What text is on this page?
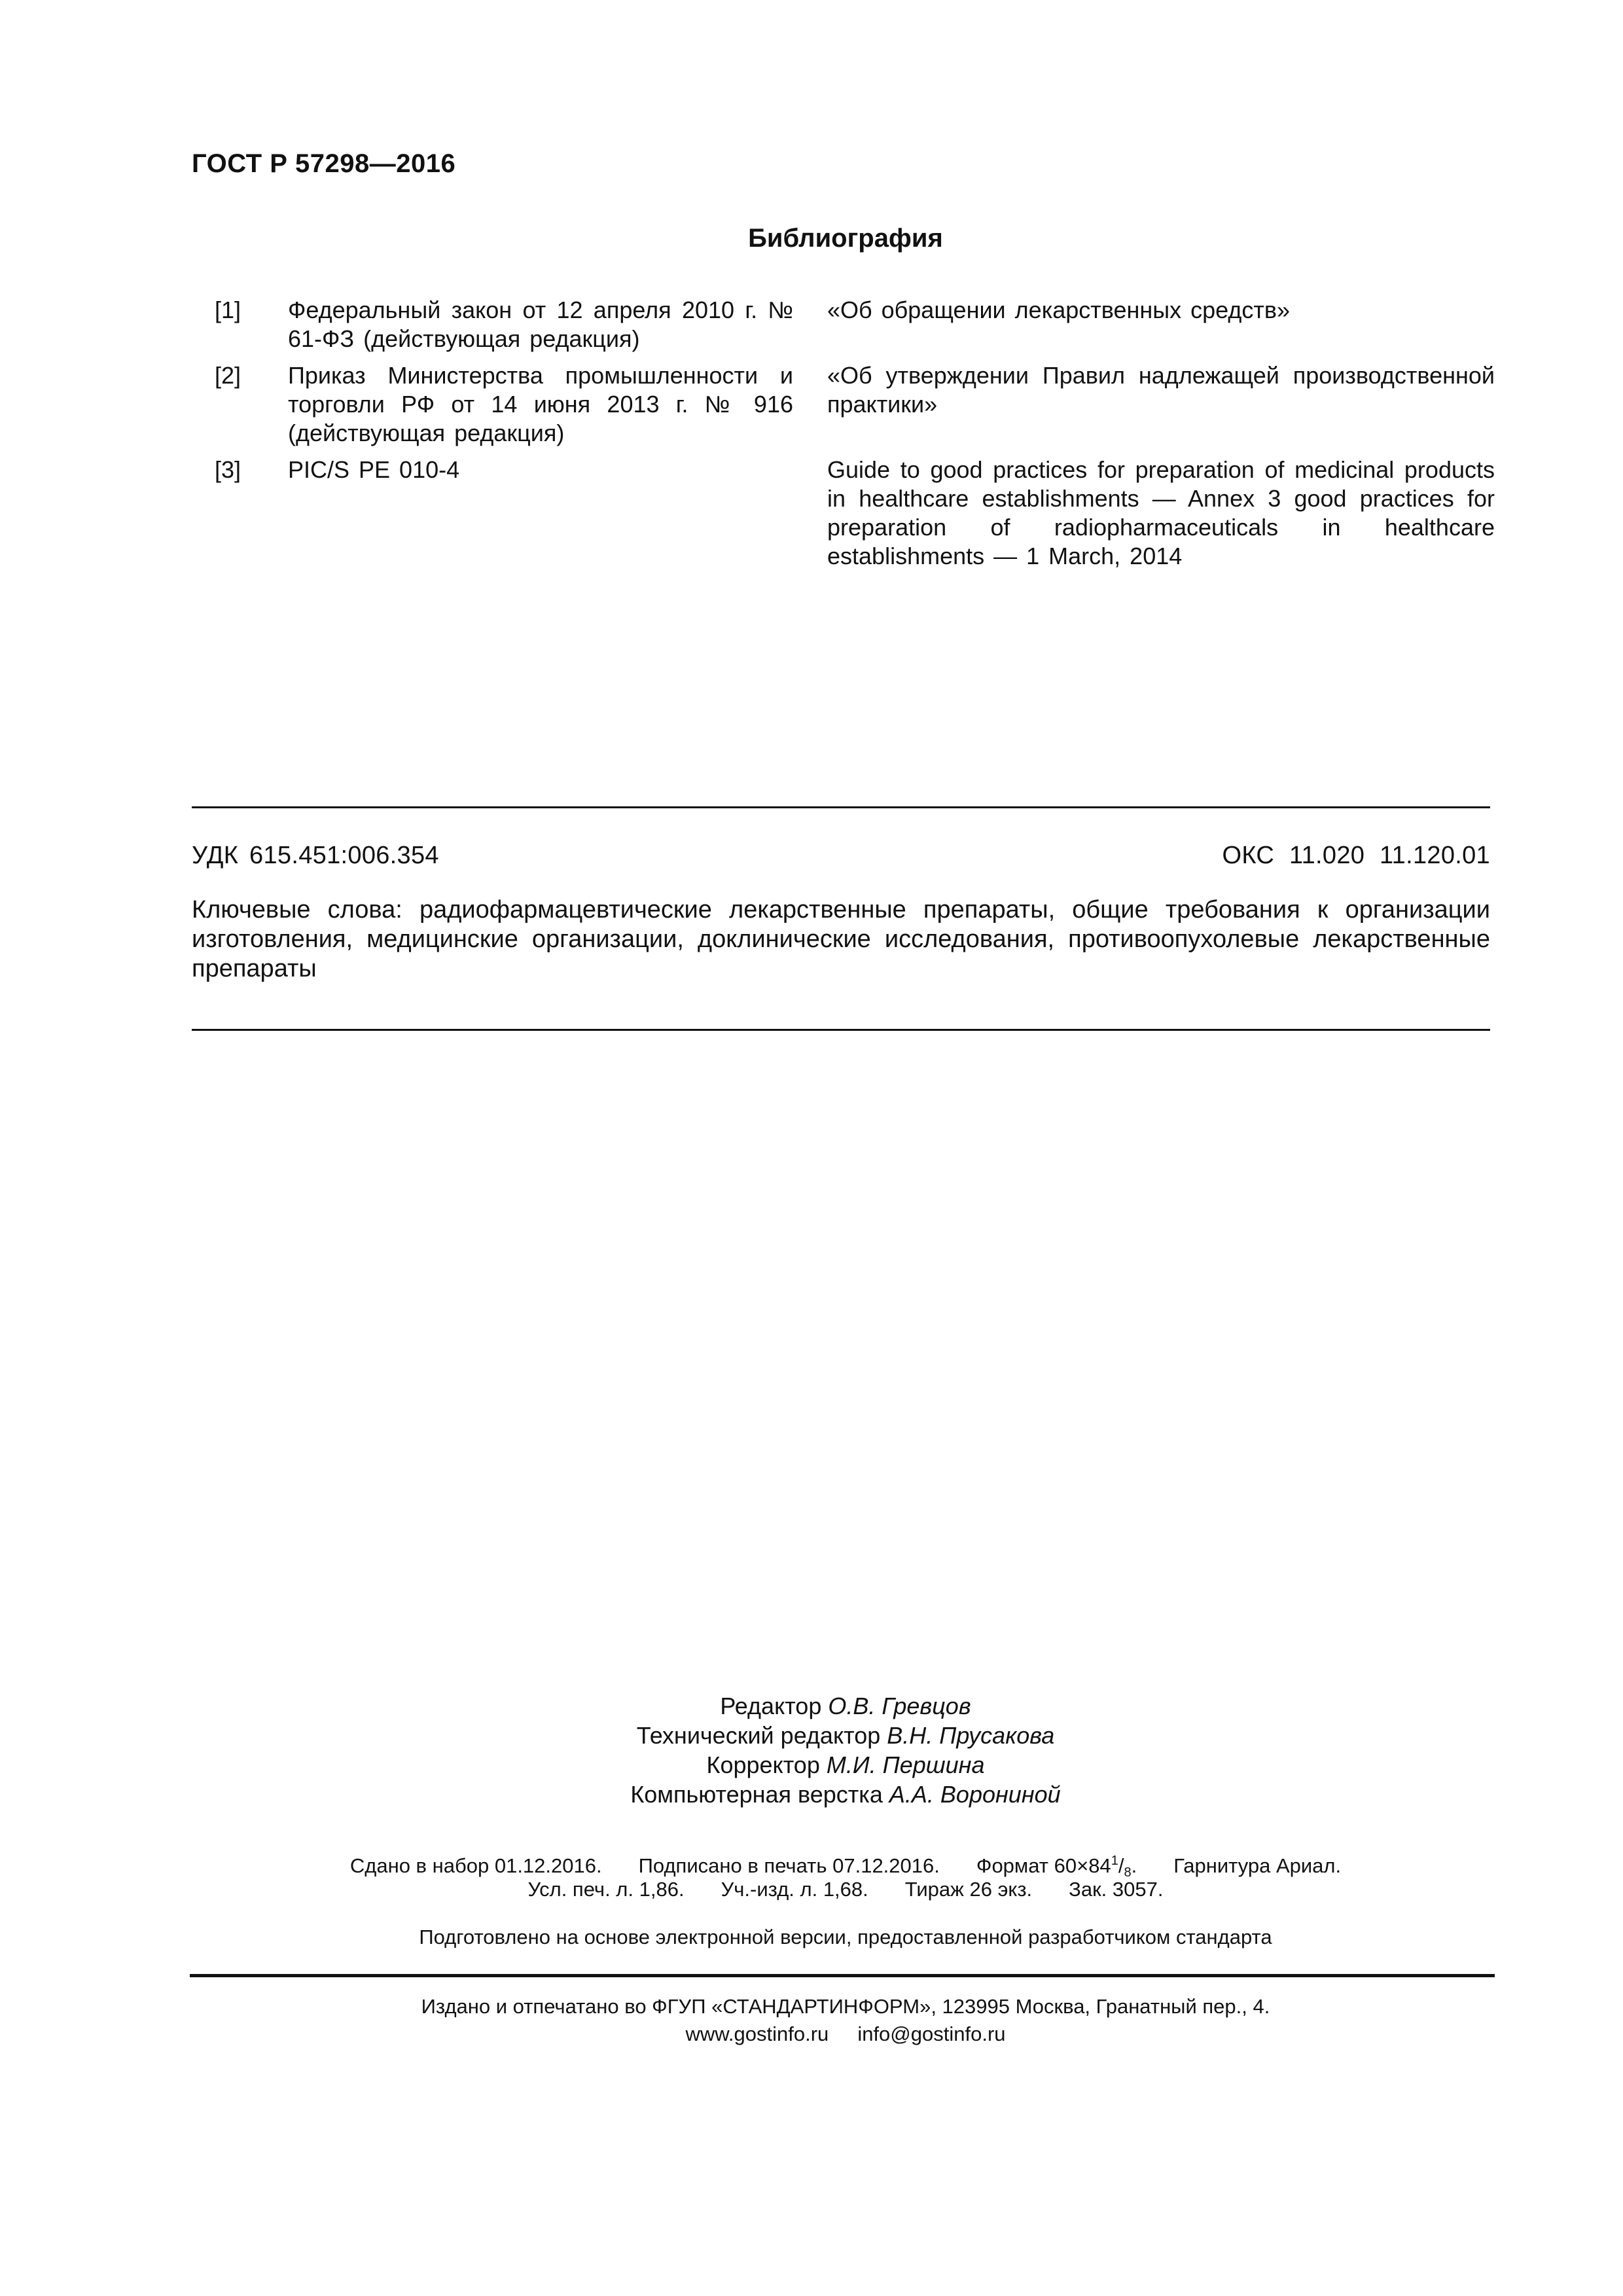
ГОСТ Р 57298—2016
Библиография
[1] Федеральный закон от 12 апреля 2010 г. № 61-ФЗ (действующая редакция)
«Об обращении лекарственных средств»
[2] Приказ Министерства промышленности и торговли РФ от 14 июня 2013 г. № 916 (действующая редакция)
«Об утверждении Правил надлежащей производственной практики»
[3] PIC/S PE 010-4	Guide to good practices for preparation of medicinal products in healthcare establishments — Annex 3 good practices for preparation of radiopharmaceuticals in healthcare establishments — 1 March, 2014
УДК 615.451:006.354	ОКС 11.020 11.120.01
Ключевые слова: радиофармацевтические лекарственные препараты, общие требования к организации изготовления, медицинские организации, доклинические исследования, противоопухолевые лекарственные препараты
Редактор О.В. Гревцов
Технический редактор В.Н. Прусакова
Корректор М.И. Першина
Компьютерная верстка А.А. Ворониной
Сдано в набор 01.12.2016. Подписано в печать 07.12.2016. Формат $60\times 84^1/_8$. Гарнитура Ариал.
Усл. печ. л. 1,86. Уч.-изд. л. 1,68. Тираж 26 экз. Зак. 3057.
Подготовлено на основе электронной версии, предоставленной разработчиком стандарта
Издано и отпечатано во ФГУП «СТАНДАРТИНФОРМ», 123995 Москва, Гранатный пер., 4.
www.gostinfo.ru info@gostinfo.ru
